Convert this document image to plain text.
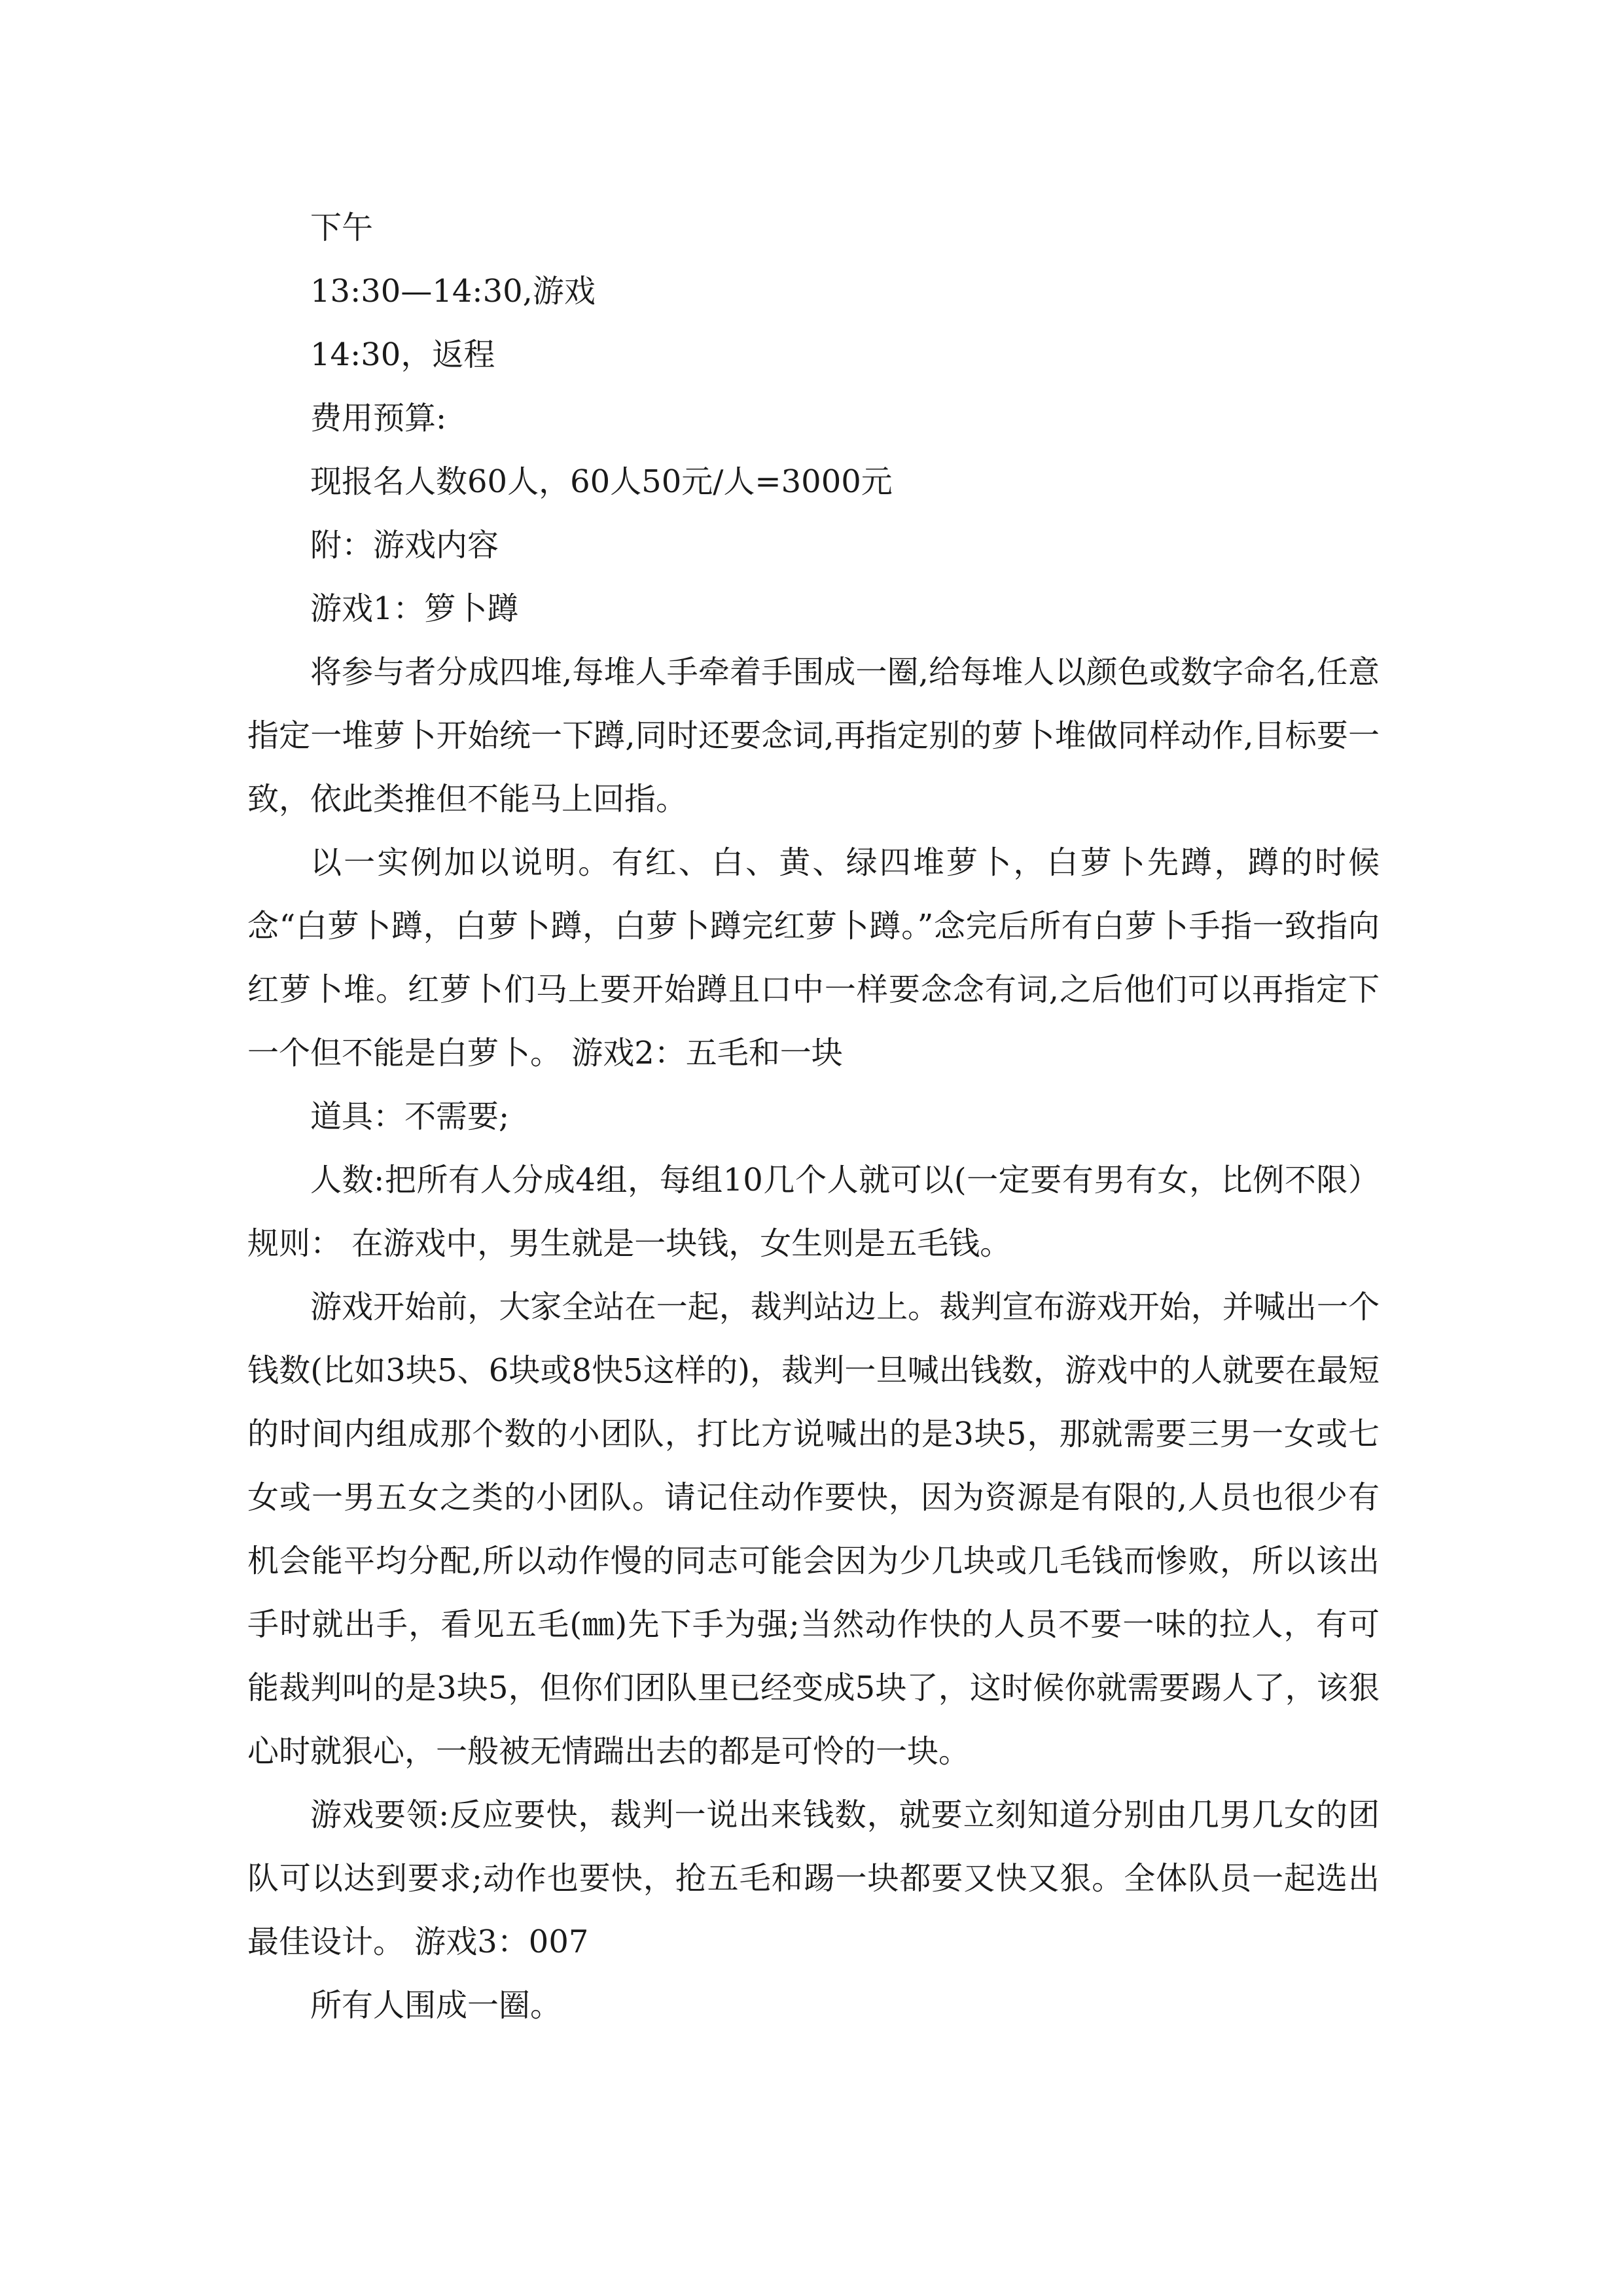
下午

13:30—14:30,游戏

14:30，返程

费用预算:

现报名人数60人，60人50元/人=3000元

附：游戏内容

游戏1：箩卜蹲

将参与者分成四堆,每堆人手牵着手围成一圈,给每堆人以颜色或数字命名,任意指定一堆萝卜开始统一下蹲,同时还要念词,再指定别的萝卜堆做同样动作,目标要一致，依此类推但不能马上回指。

以一实例加以说明。有红、白、黄、绿四堆萝卜，白萝卜先蹲，蹲的时候念“白萝卜蹲，白萝卜蹲，白萝卜蹲完红萝卜蹲。”念完后所有白萝卜手指一致指向红萝卜堆。红萝卜们马上要开始蹲且口中一样要念念有词,之后他们可以再指定下一个但不能是白萝卜。 游戏2：五毛和一块

道具：不需要;

人数:把所有人分成4组，每组10几个人就可以(一定要有男有女，比例不限）规则： 在游戏中，男生就是一块钱，女生则是五毛钱。

游戏开始前，大家全站在一起，裁判站边上。裁判宣布游戏开始，并喊出一个钱数(比如3块5、6块或8快5这样的)，裁判一旦喊出钱数，游戏中的人就要在最短的时间内组成那个数的小团队，打比方说喊出的是3块5，那就需要三男一女或七女或一男五女之类的小团队。请记住动作要快，因为资源是有限的,人员也很少有机会能平均分配,所以动作慢的同志可能会因为少几块或几毛钱而惨败，所以该出手时就出手，看见五毛(㎜)先下手为强;当然动作快的人员不要一味的拉人，有可能裁判叫的是3块5，但你们团队里已经变成5块了，这时候你就需要踢人了，该狠心时就狠心，一般被无情踹出去的都是可怜的一块。

游戏要领:反应要快，裁判一说出来钱数，就要立刻知道分别由几男几女的团队可以达到要求;动作也要快，抢五毛和踢一块都要又快又狠。全体队员一起选出最佳设计。 游戏3：007

所有人围成一圈。
